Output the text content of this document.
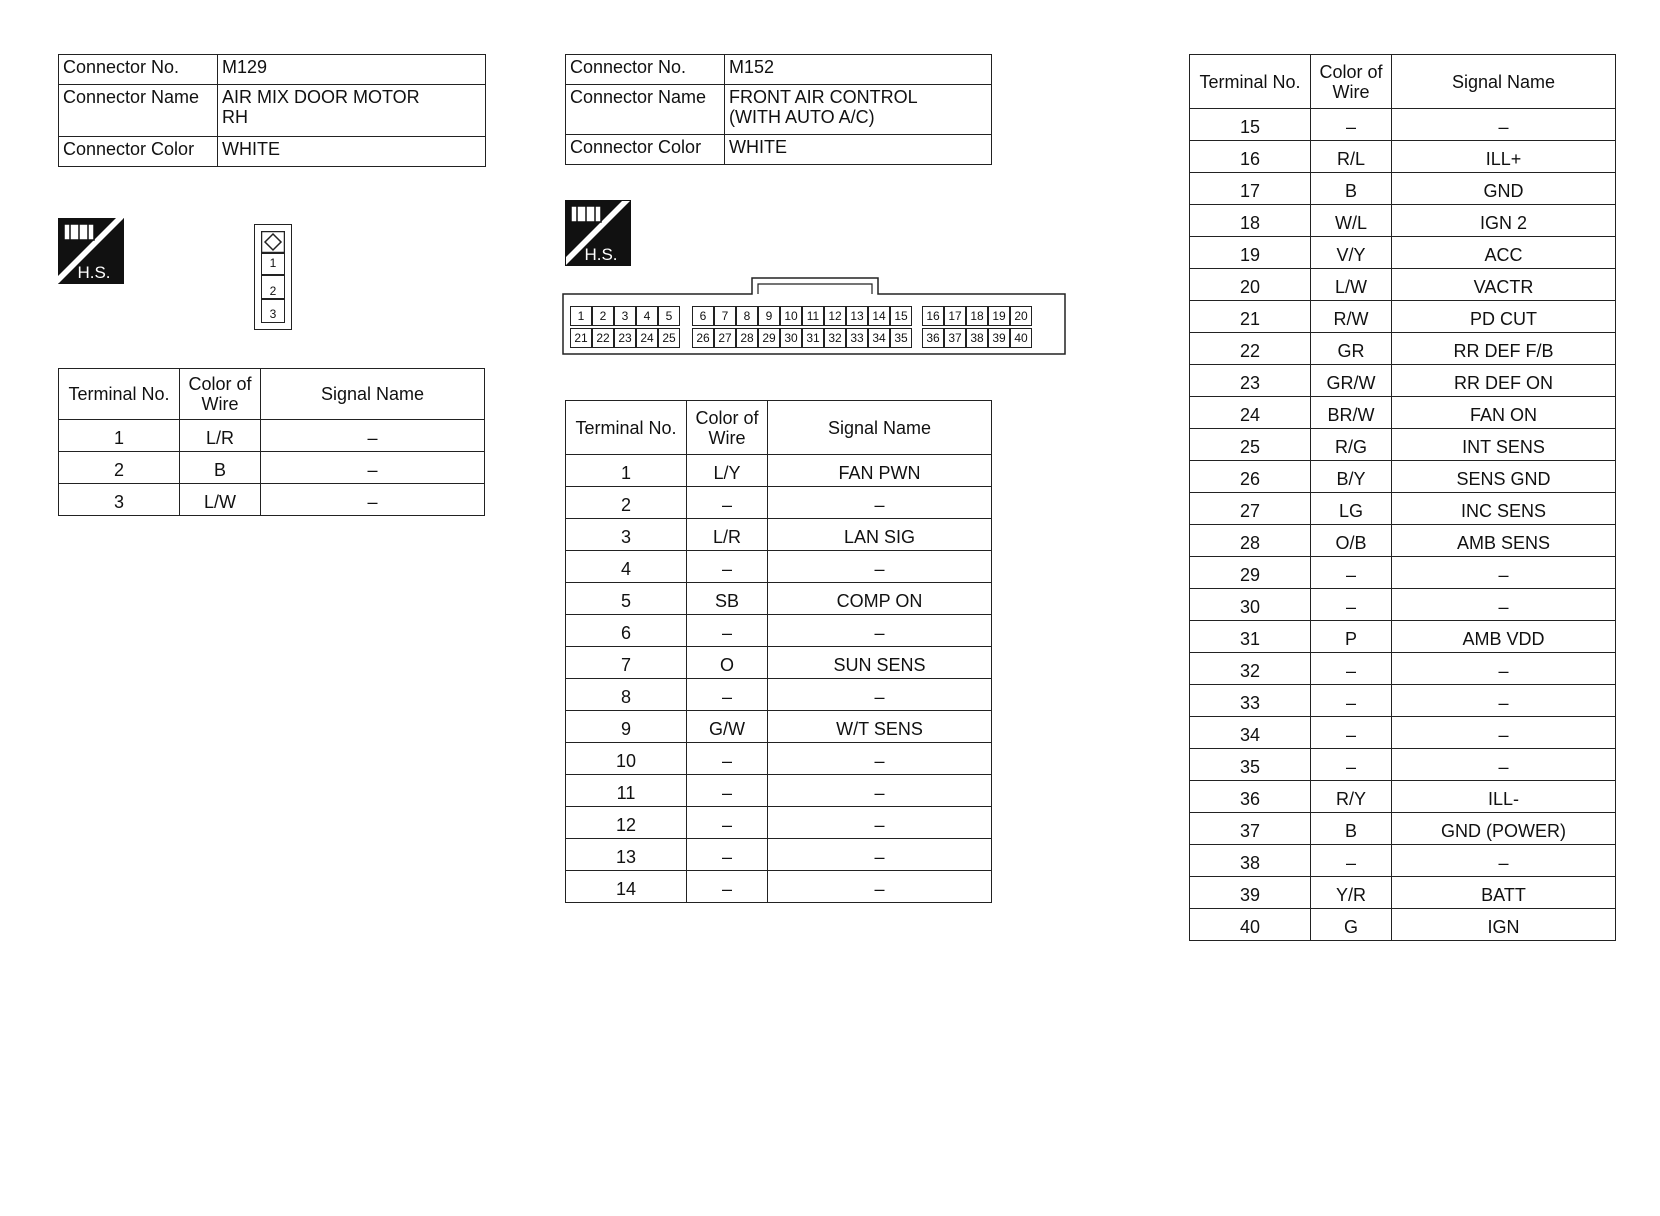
Connector No.	M129
Connector Name	AIR MIX DOOR MOTOR RH
Connector Color	WHITE
H.S.	1
2
3
Terminal No.	Color of Wire	Signal Name
1	L/R	–
2	B	–
3	L/W	–
Connector No.	M152
Connector Name	FRONT AIR CONTROL (WITH AUTO A/C)
Connector Color	WHITE
H.S.
1	2	3	4	5	6	7	8	9 10 11 12 13 14 15	16 17 18 19 20
21 22 23 24 25	26 27 28 29 30 31 32 33 34 35	36 37 38 39 40
Terminal No.	Color of Wire	Signal Name
1	L/Y	FAN PWN
2	–	–
3	L/R	LAN SIG
4	–	–
5	SB	COMP ON
6	–	–
7	O	SUN SENS
8	–	–
9	G/W	W/T SENS
10	–	–
11	–	–
12	–	–
13	–	–
14	–	–
Terminal No.	Color of Wire	Signal Name
15	–	–
16	R/L	ILL+
17	B	GND
18	W/L	IGN 2
19	V/Y	ACC
20	L/W	VACTR
21	R/W	PD CUT
22	GR	RR DEF F/B
23	GR/W	RR DEF ON
24	BR/W	FAN ON
25	R/G	INT SENS
26	B/Y	SENS GND
27	LG	INC SENS
28	O/B	AMB SENS
29	–	–
30	–	–
31	P	AMB VDD
32	–	–
33	–	–
34	–	–
35	–	–
36	R/Y	ILL-
37	B	GND (POWER)
38	–	–
39	Y/R	BATT
40	G	IGN
